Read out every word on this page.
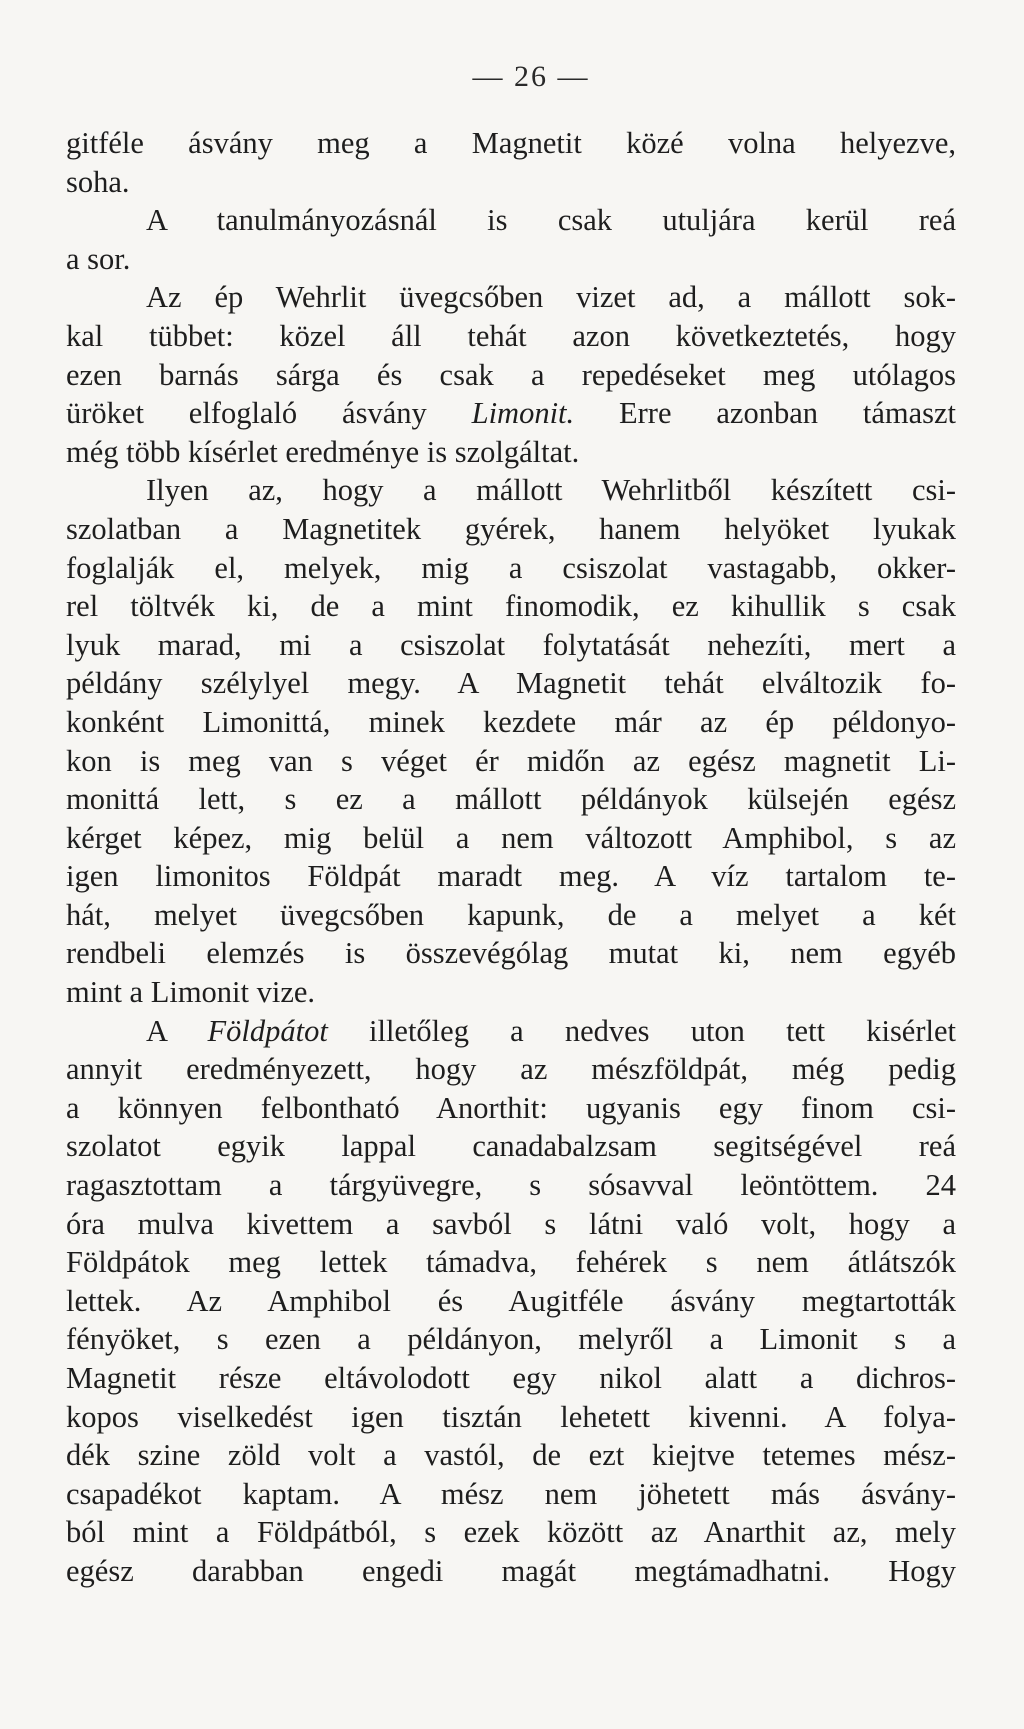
— 26 —
gitféle ásvány meg a Magnetit közé volna helyezve,
soha.
A tanulmányozásnál is csak utuljára kerül reá
a sor.
Az ép Wehrlit üvegcsőben vizet ad, a mállott sok-
kal tübbet: közel áll tehát azon következtetés, hogy
ezen barnás sárga és csak a repedéseket meg utólagos
üröket elfoglaló ásvány Limonit. Erre azonban támaszt
még több kísérlet eredménye is szolgáltat.
Ilyen az, hogy a mállott Wehrlitből készített csi-
szolatban a Magnetitek gyérek, hanem helyöket lyukak
foglalják el, melyek, mig a csiszolat vastagabb, okker-
rel töltvék ki, de a mint finomodik, ez kihullik s csak
lyuk marad, mi a csiszolat folytatását nehezíti, mert a
példány szélylyel megy. A Magnetit tehát elváltozik fo-
konként Limonittá, minek kezdete már az ép példonyo-
kon is meg van s véget ér midőn az egész magnetit Li-
monittá lett, s ez a mállott példányok külsején egész
kérget képez, mig belül a nem változott Amphibol, s az
igen limonitos Földpát maradt meg. A víz tartalom te-
hát, melyet üvegcsőben kapunk, de a melyet a két
rendbeli elemzés is összevégólag mutat ki, nem egyéb
mint a Limonit vize.
A Földpátot illetőleg a nedves uton tett kisérlet
annyit eredményezett, hogy az mészföldpát, még pedig
a könnyen felbontható Anorthit: ugyanis egy finom csi-
szolatot egyik lappal canadabalzsam segitségével reá
ragasztottam a tárgyüvegre, s sósavval leöntöttem. 24
óra mulva kivettem a savból s látni való volt, hogy a
Földpátok meg lettek támadva, fehérek s nem átlátszók
lettek. Az Amphibol és Augitféle ásvány megtartották
fényöket, s ezen a példányon, melyről a Limonit s a
Magnetit része eltávolodott egy nikol alatt a dichros-
kopos viselkedést igen tisztán lehetett kivenni. A folya-
dék szine zöld volt a vastól, de ezt kiejtve tetemes mész-
csapadékot kaptam. A mész nem jöhetett más ásvány-
ból mint a Földpátból, s ezek között az Anarthit az, mely
egész darabban engedi magát megtámadhatni. Hogy
